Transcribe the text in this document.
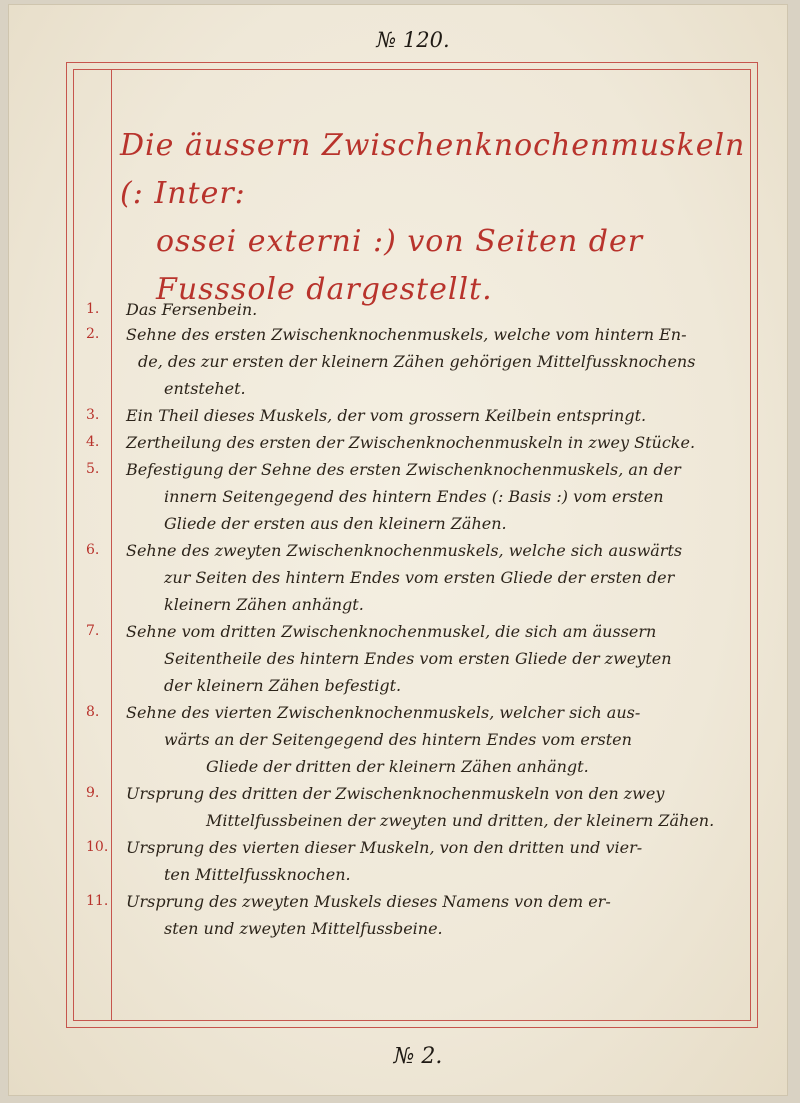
№ 120.
Die äussern Zwischenknochenmuskeln (: Inter:
ossei externi :) von Seiten der Fusssole dargestellt.
1.	Das Fersenbein.
2.	Sehne des ersten Zwischenknochenmuskels, welche vom hintern En-
de, des zur ersten der kleinern Zähen gehörigen Mittelfussknochens
entstehet.
3.	Ein Theil dieses Muskels, der vom grossern Keilbein entspringt.
4.	Zertheilung des ersten der Zwischenknochenmuskeln in zwey Stücke.
5.	Befestigung der Sehne des ersten Zwischenknochenmuskels, an der
innern Seitengegend des hintern Endes (: Basis :) vom ersten
Gliede der ersten aus den kleinern Zähen.
6.	Sehne des zweyten Zwischenknochenmuskels, welche sich auswärts
zur Seiten des hintern Endes vom ersten Gliede der ersten der
kleinern Zähen anhängt.
7.	Sehne vom dritten Zwischenknochenmuskel, die sich am äussern
Seitentheile des hintern Endes vom ersten Gliede der zweyten
der kleinern Zähen befestigt.
8.	Sehne des vierten Zwischenknochenmuskels, welcher sich aus-
wärts an der Seitengegend des hintern Endes vom ersten
Gliede der dritten der kleinern Zähen anhängt.
9.	Ursprung des dritten der Zwischenknochenmuskeln von den zwey
Mittelfussbeinen der zweyten und dritten, der kleinern Zähen.
10.	Ursprung des vierten dieser Muskeln, von den dritten und vier-
ten Mittelfussknochen.
11.	Ursprung des zweyten Muskels dieses Namens von dem er-
sten und zweyten Mittelfussbeine.
№ 2.
